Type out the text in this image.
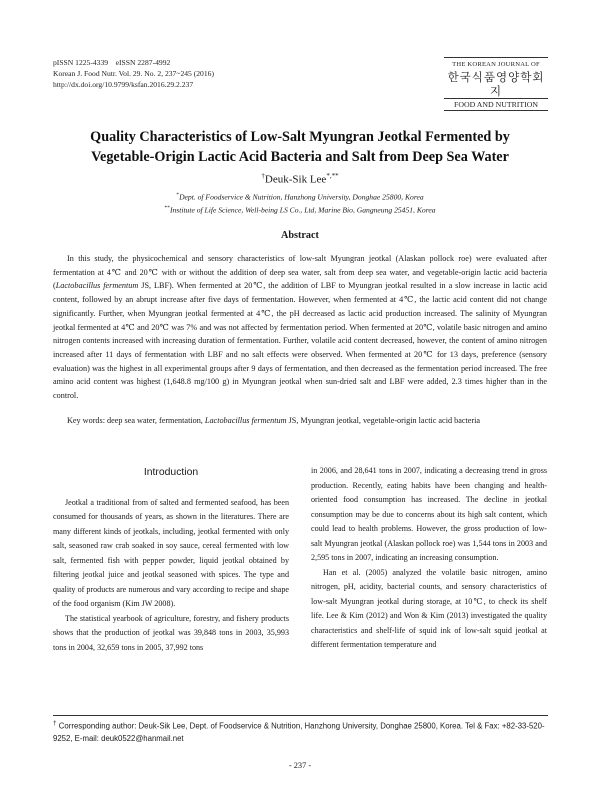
pISSN 1225-4339    eISSN 2287-4992
Korean J. Food Nutr. Vol. 29. No. 2, 237~245 (2016)
http://dx.doi.org/10.9799/ksfan.2016.29.2.237
THE KOREAN JOURNAL OF
한국식품영양학회지
FOOD AND NUTRITION
Quality Characteristics of Low-Salt Myungran Jeotkal Fermented by
Vegetable-Origin Lactic Acid Bacteria and Salt from Deep Sea Water
†Deuk-Sik Lee*,**
*Dept. of Foodservice & Nutrition, Hanzhong University, Donghae 25800, Korea
**Institute of Life Science, Well-being LS Co., Ltd, Marine Bio, Gangneung 25451, Korea
Abstract
In this study, the physicochemical and sensory characteristics of low-salt Myungran jeotkal (Alaskan pollock roe) were evaluated after fermentation at 4℃ and 20℃ with or without the addition of deep sea water, salt from deep sea water, and vegetable-origin lactic acid bacteria (Lactobacillus fermentum JS, LBF). When fermented at 20℃, the addition of LBF to Myungran jeotkal resulted in a slow increase in lactic acid content, followed by an abrupt increase after five days of fermentation. However, when fermented at 4℃, the lactic acid content did not change significantly. Further, when Myungran jeotkal fermented at 4℃, the pH decreased as lactic acid production increased. The salinity of Myungran jeotkal fermented at 4℃ and 20℃ was 7% and was not affected by fermentation period. When fermented at 20℃, volatile basic nitrogen and amino nitrogen contents increased with increasing duration of fermentation. Further, volatile acid content decreased, however, the content of amino nitrogen increased after 11 days of fermentation with LBF and no salt effects were observed. When fermented at 20℃ for 13 days, preference (sensory evaluation) was the highest in all experimental groups after 9 days of fermentation, and then decreased as the fermentation period increased. The free amino acid content was highest (1,648.8 mg/100 g) in Myungran jeotkal when sun-dried salt and LBF were added, 2.3 times higher than in the control.
Key words: deep sea water, fermentation, Lactobacillus fermentum JS, Myungran jeotkal, vegetable-origin lactic acid bacteria
Introduction

Jeotkal a traditional from of salted and fermented seafood, has been consumed for thousands of years, as shown in the literatures. There are many different kinds of jeotkals, including, jeotkal fermented with only salt, seasoned raw crab soaked in soy sauce, cereal fermented with low salt, fermented fish with pepper powder, liquid jeotkal obtained by filtering jeotkal juice and jeotkal seasoned with spices. The type and quality of products are numerous and vary according to recipe and shape of the food organism (Kim JW 2008).

The statistical yearbook of agriculture, forestry, and fishery products shows that the production of jeotkal was 39,848 tons in 2003, 35,993 tons in 2004, 32,659 tons in 2005, 37,992 tons

in 2006, and 28,641 tons in 2007, indicating a decreasing trend in gross production. Recently, eating habits have been changing and health-oriented food consumption has increased. The decline in jeotkal consumption may be due to concerns about its high salt content, which could lead to health problems. However, the gross production of low-salt Myungran jeotkal (Alaskan pollock roe) was 1,544 tons in 2003 and 2,595 tons in 2007, indicating an increasing consumption.

Han et al. (2005) analyzed the volatile basic nitrogen, amino nitrogen, pH, acidity, bacterial counts, and sensory characteristics of low-salt Myungran jeotkal during storage, at 10℃, to check its shelf life. Lee & Kim (2012) and Won & Kim (2013) investigated the quality characteristics and shelf-life of squid ink of low-salt squid jeotkal at different fermentation temperature and

† Corresponding author: Deuk-Sik Lee, Dept. of Foodservice & Nutrition, Hanzhong University, Donghae 25800, Korea. Tel & Fax: +82-33-520-9252, E-mail: deuk0522@hanmail.net
- 237 -
